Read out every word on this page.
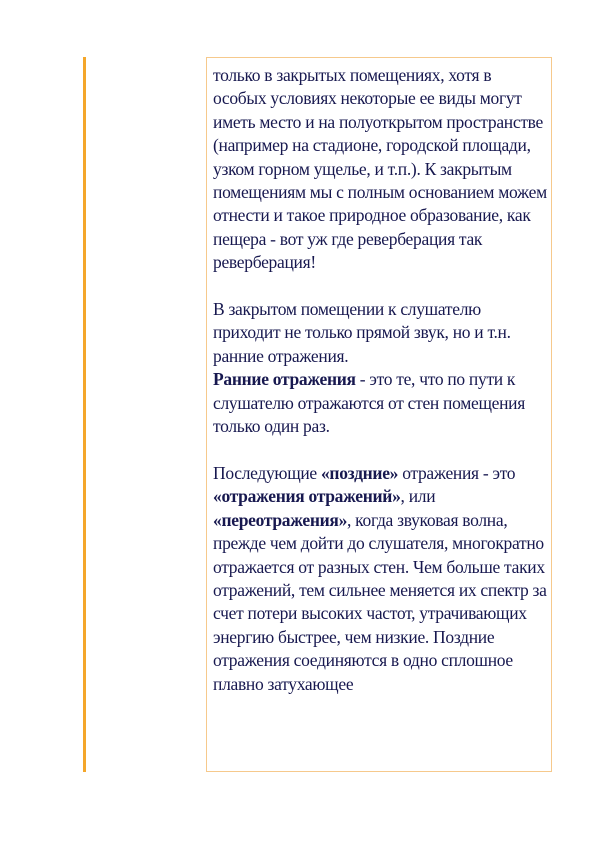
только в закрытых помещениях, хотя в особых условиях некоторые ее виды могут иметь место и на полуоткрытом пространстве (например на стадионе, городской площади, узком горном ущелье, и т.п.). К закрытым помещениям мы с полным основанием можем отнести и такое природное образование, как пещера - вот уж где реверберация так реверберация!

В закрытом помещении к слушателю приходит не только прямой звук, но и т.н. ранние отражения.

Ранние отражения - это те, что по пути к слушателю отражаются от стен помещения только один раз.

Последующие «поздние» отражения - это «отражения отражений», или «переотражения», когда звуковая волна, прежде чем дойти до слушателя, многократно отражается от разных стен. Чем больше таких отражений, тем сильнее меняется их спектр за счет потери высоких частот, утрачивающих энергию быстрее, чем низкие. Поздние отражения соединяются в одно сплошное плавно затухающее
